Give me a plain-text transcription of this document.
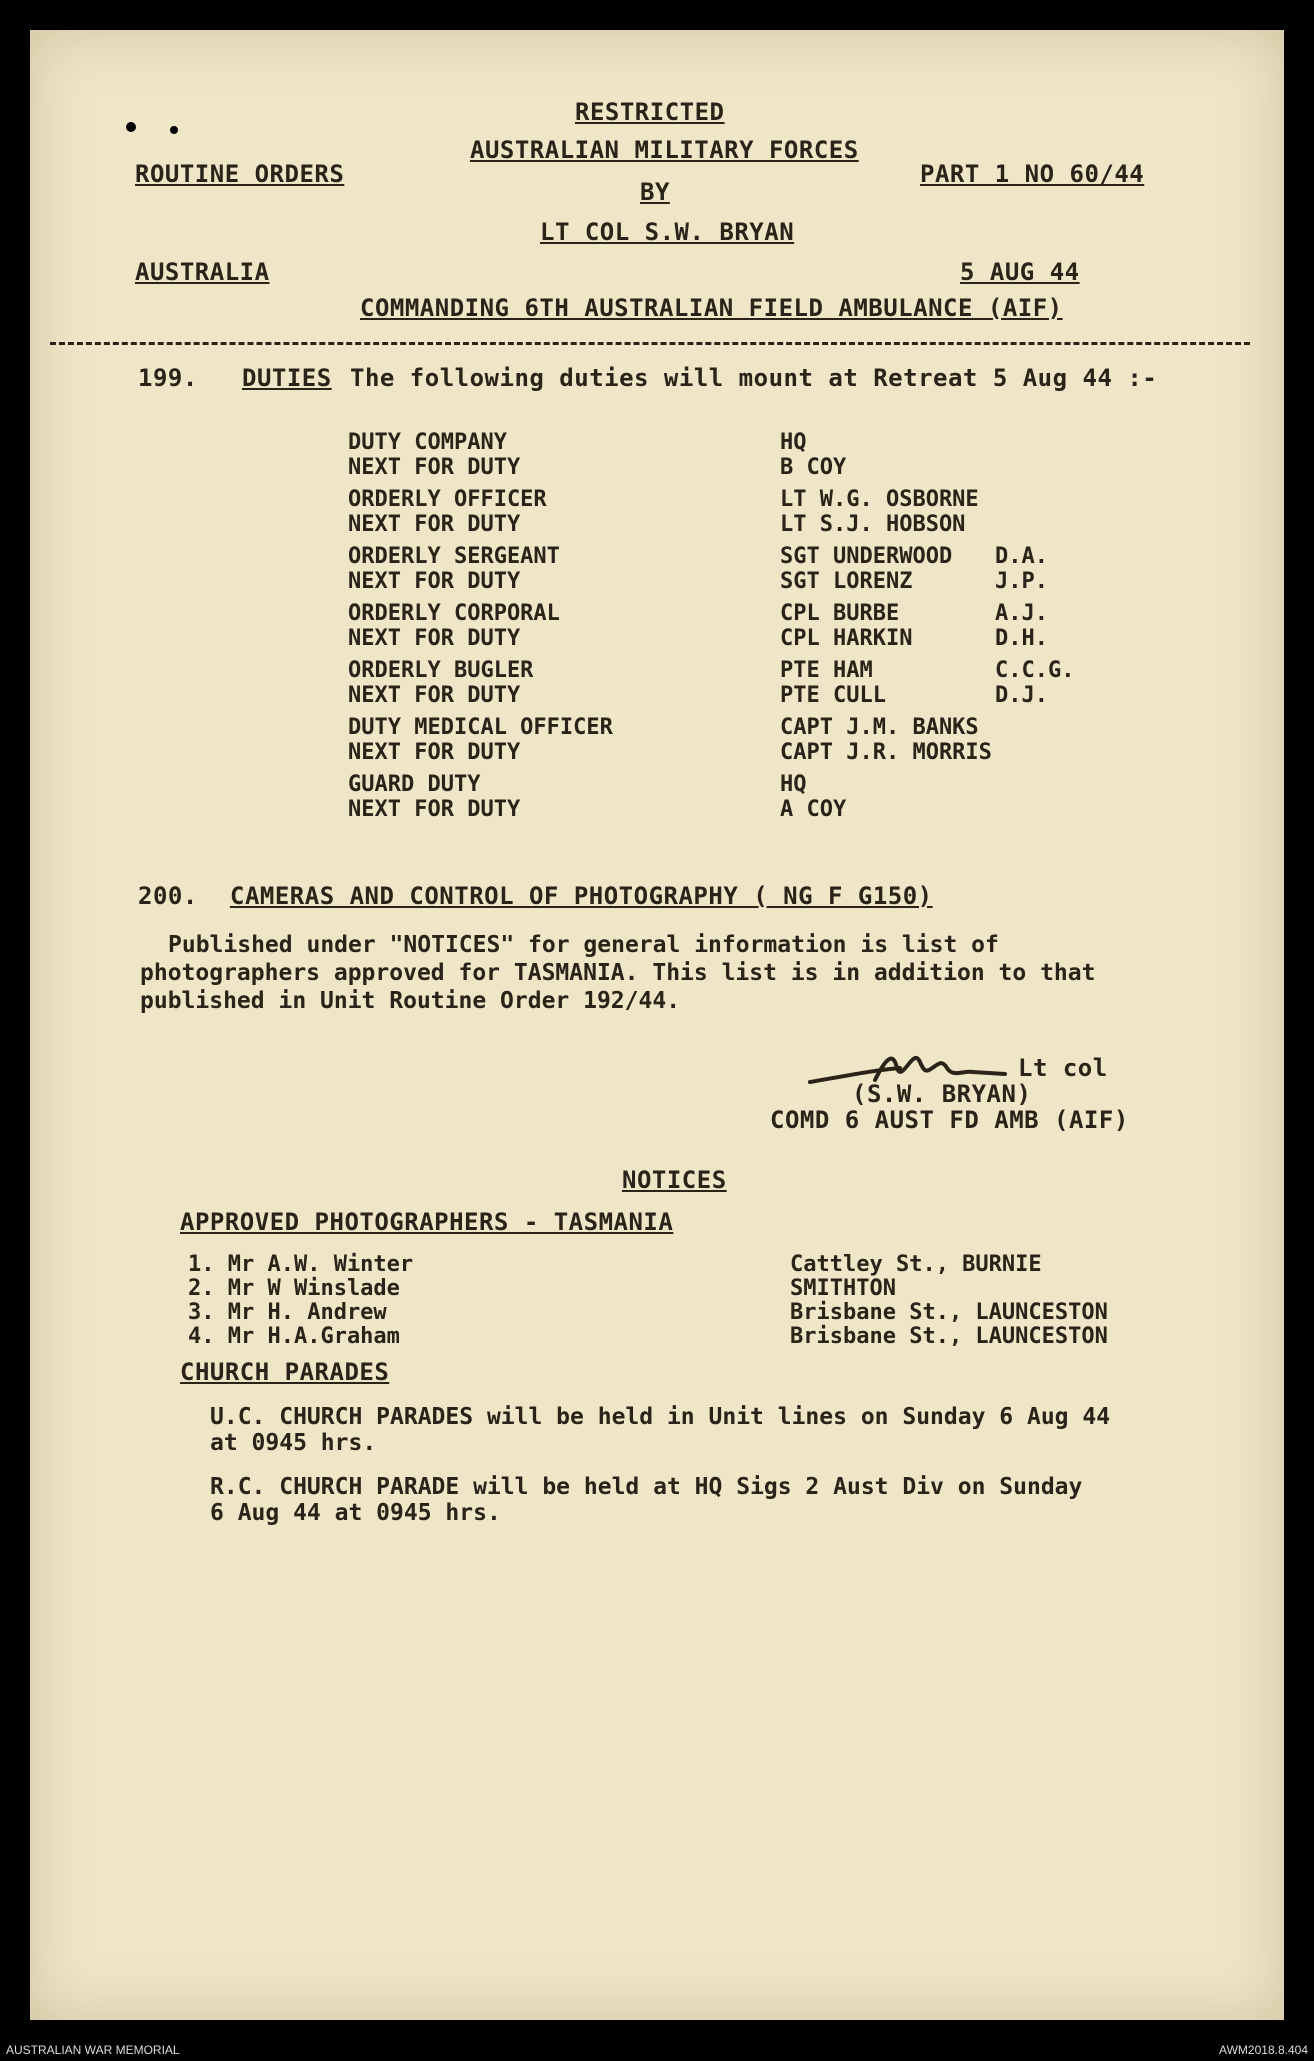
RESTRICTED
AUSTRALIAN MILITARY FORCES
ROUTINE ORDERS	PART 1 NO 60/44
BY
LT COL S.W. BRYAN
AUSTRALIA	5 AUG 44
COMMANDING 6TH AUSTRALIAN FIELD AMBULANCE (AIF)
199. DUTIES The following duties will mount at Retreat 5 Aug 44 :-
DUTY COMPANY	HQ
NEXT FOR DUTY	B COY
ORDERLY OFFICER	LT W.G. OSBORNE
NEXT FOR DUTY	LT S.J. HOBSON
ORDERLY SERGEANT	SGT UNDERWOOD D.A.
NEXT FOR DUTY	SGT LORENZ	J.P.
ORDERLY CORPORAL	CPL BURBE	A.J.
NEXT FOR DUTY	CPL HARKIN	D.H.
ORDERLY BUGLER	PTE HAM	C.C.G.
NEXT FOR DUTY	PTE CULL	D.J.
DUTY MEDICAL OFFICER	CAPT J.M. BANKS
NEXT FOR DUTY	CAPT J.R. MORRIS
GUARD DUTY	HQ
NEXT FOR DUTY	A COY
200. CAMERAS AND CONTROL OF PHOTOGRAPHY ( NG F G150)
Published under "NOTICES" for general information is list of
photographers approved for TASMANIA. This list is in addition to that
published in Unit Routine Order 192/44.
Lt col
(S.W. BRYAN)
COMD 6 AUST FD AMB (AIF)
NOTICES
APPROVED PHOTOGRAPHERS - TASMANIA
1. Mr A.W. Winter	Cattley St., BURNIE
2. Mr W Winslade	SMITHTON
3. Mr H. Andrew	Brisbane St., LAUNCESTON
4. Mr H.A.Graham	Brisbane St., LAUNCESTON
CHURCH PARADES
U.C. CHURCH PARADES will be held in Unit lines on Sunday 6 Aug 44
at 0945 hrs.
R.C. CHURCH PARADE will be held at HQ Sigs 2 Aust Div on Sunday
6 Aug 44 at 0945 hrs.
AUSTRALIAN WAR MEMORIAL	AWM2018.8.404
